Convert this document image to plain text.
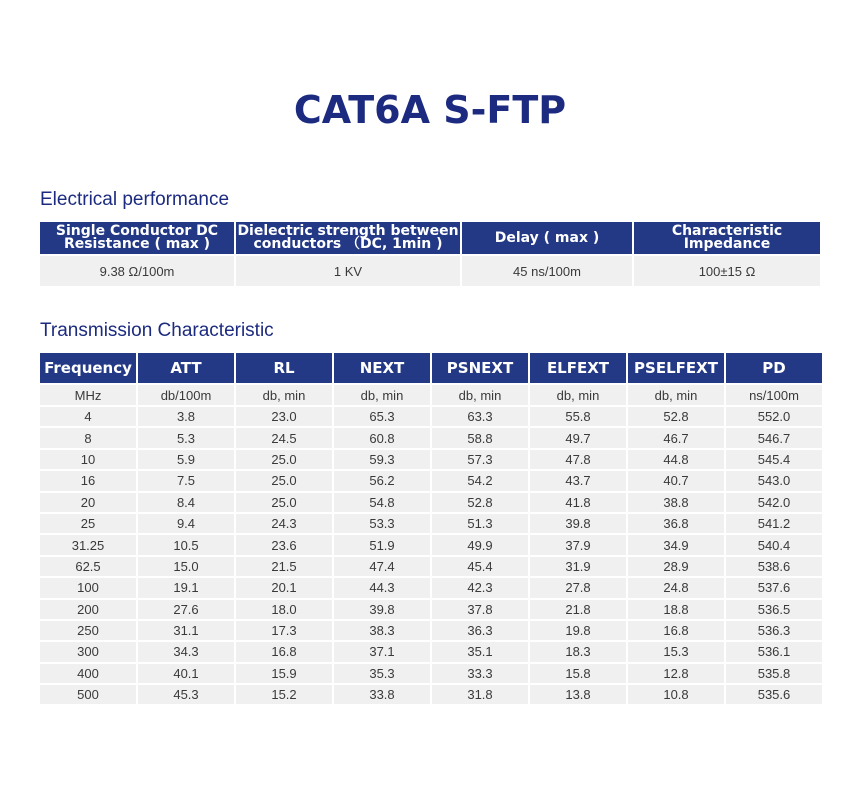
CAT6A S-FTP
Electrical performance
Single Conductor DC Resistance ( max )	Dielectric strength between conductors （DC, 1min )	Delay ( max )	Characteristic Impedance
9.38 Ω/100m	1 KV	45 ns/100m	100±15 Ω
Transmission Characteristic
Frequency	ATT	RL	NEXT	PSNEXT	ELFEXT	PSELFEXT	PD
MHz	db/100m	db, min	db, min	db, min	db, min	db, min	ns/100m
4	3.8	23.0	65.3	63.3	55.8	52.8	552.0
8	5.3	24.5	60.8	58.8	49.7	46.7	546.7
10	5.9	25.0	59.3	57.3	47.8	44.8	545.4
16	7.5	25.0	56.2	54.2	43.7	40.7	543.0
20	8.4	25.0	54.8	52.8	41.8	38.8	542.0
25	9.4	24.3	53.3	51.3	39.8	36.8	541.2
31.25	10.5	23.6	51.9	49.9	37.9	34.9	540.4
62.5	15.0	21.5	47.4	45.4	31.9	28.9	538.6
100	19.1	20.1	44.3	42.3	27.8	24.8	537.6
200	27.6	18.0	39.8	37.8	21.8	18.8	536.5
250	31.1	17.3	38.3	36.3	19.8	16.8	536.3
300	34.3	16.8	37.1	35.1	18.3	15.3	536.1
400	40.1	15.9	35.3	33.3	15.8	12.8	535.8
500	45.3	15.2	33.8	31.8	13.8	10.8	535.6
